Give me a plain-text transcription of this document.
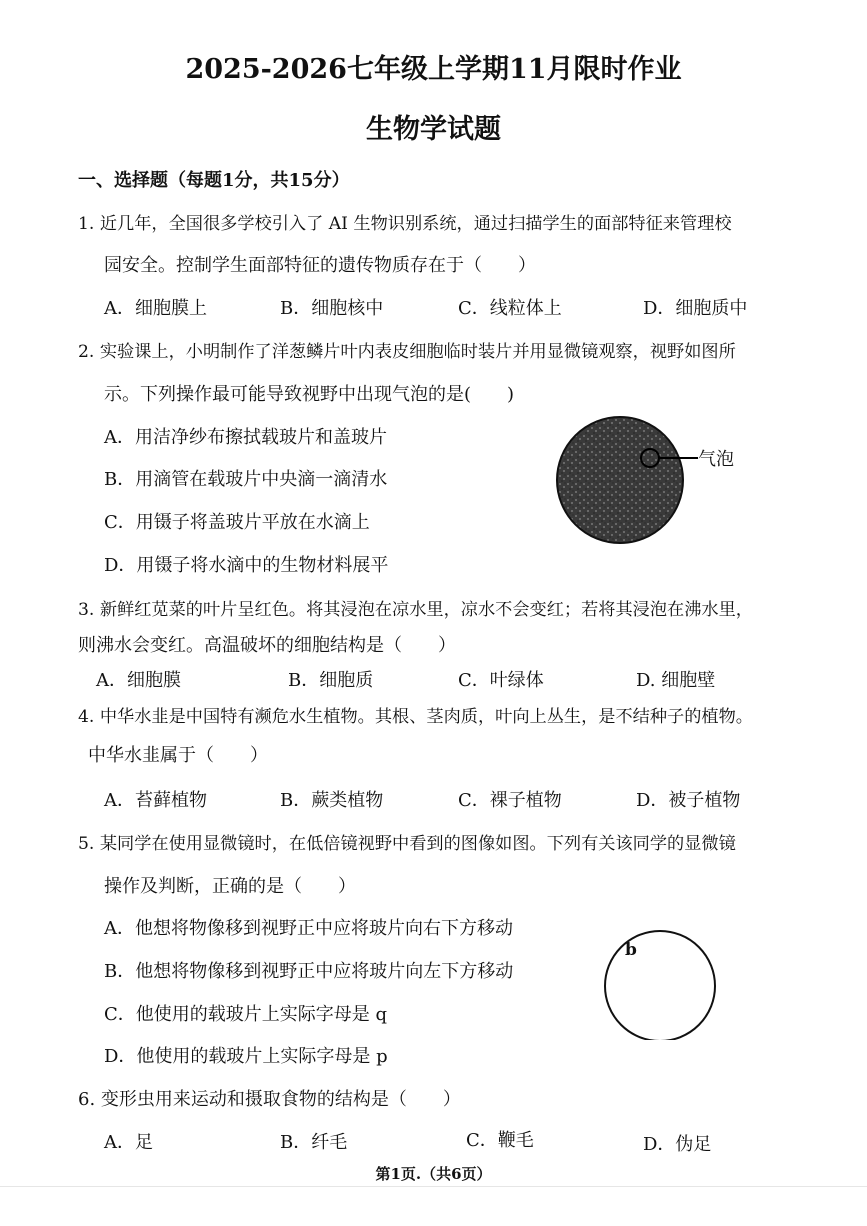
2025-2026七年级上学期11月限时作业
生物学试题
一、选择题（每题1分，共15分）
1. 近几年，全国很多学校引入了 AI 生物识别系统，通过扫描学生的面部特征来管理校
园安全。控制学生面部特征的遗传物质存在于（　　）
A．细胞膜上	B．细胞核中	C．线粒体上	D．细胞质中
2. 实验课上，小明制作了洋葱鳞片叶内表皮细胞临时装片并用显微镜观察，视野如图所
示。下列操作最可能导致视野中出现气泡的是(　　)
A．用洁净纱布擦拭载玻片和盖玻片
B．用滴管在载玻片中央滴一滴清水
C．用镊子将盖玻片平放在水滴上
D．用镊子将水滴中的生物材料展平
气泡
3. 新鲜红苋菜的叶片呈红色。将其浸泡在凉水里，凉水不会变红；若将其浸泡在沸水里，
则沸水会变红。高温破坏的细胞结构是（　　）
A．细胞膜	B．细胞质	C．叶绿体	D. 细胞壁
4. 中华水韭是中国特有濒危水生植物。其根、茎肉质，叶向上丛生，是不结种子的植物。
中华水韭属于（　　）
A．苔藓植物	B．蕨类植物	C．裸子植物	D．被子植物
5. 某同学在使用显微镜时，在低倍镜视野中看到的图像如图。下列有关该同学的显微镜
操作及判断，正确的是（　　）
A．他想将物像移到视野正中应将玻片向右下方移动
B．他想将物像移到视野正中应将玻片向左下方移动
C．他使用的载玻片上实际字母是 q
D．他使用的载玻片上实际字母是 p
b
6. 变形虫用来运动和摄取食物的结构是（　　）
A．足	B．纤毛	C．鞭毛	D．伪足
第1页.（共6页）
